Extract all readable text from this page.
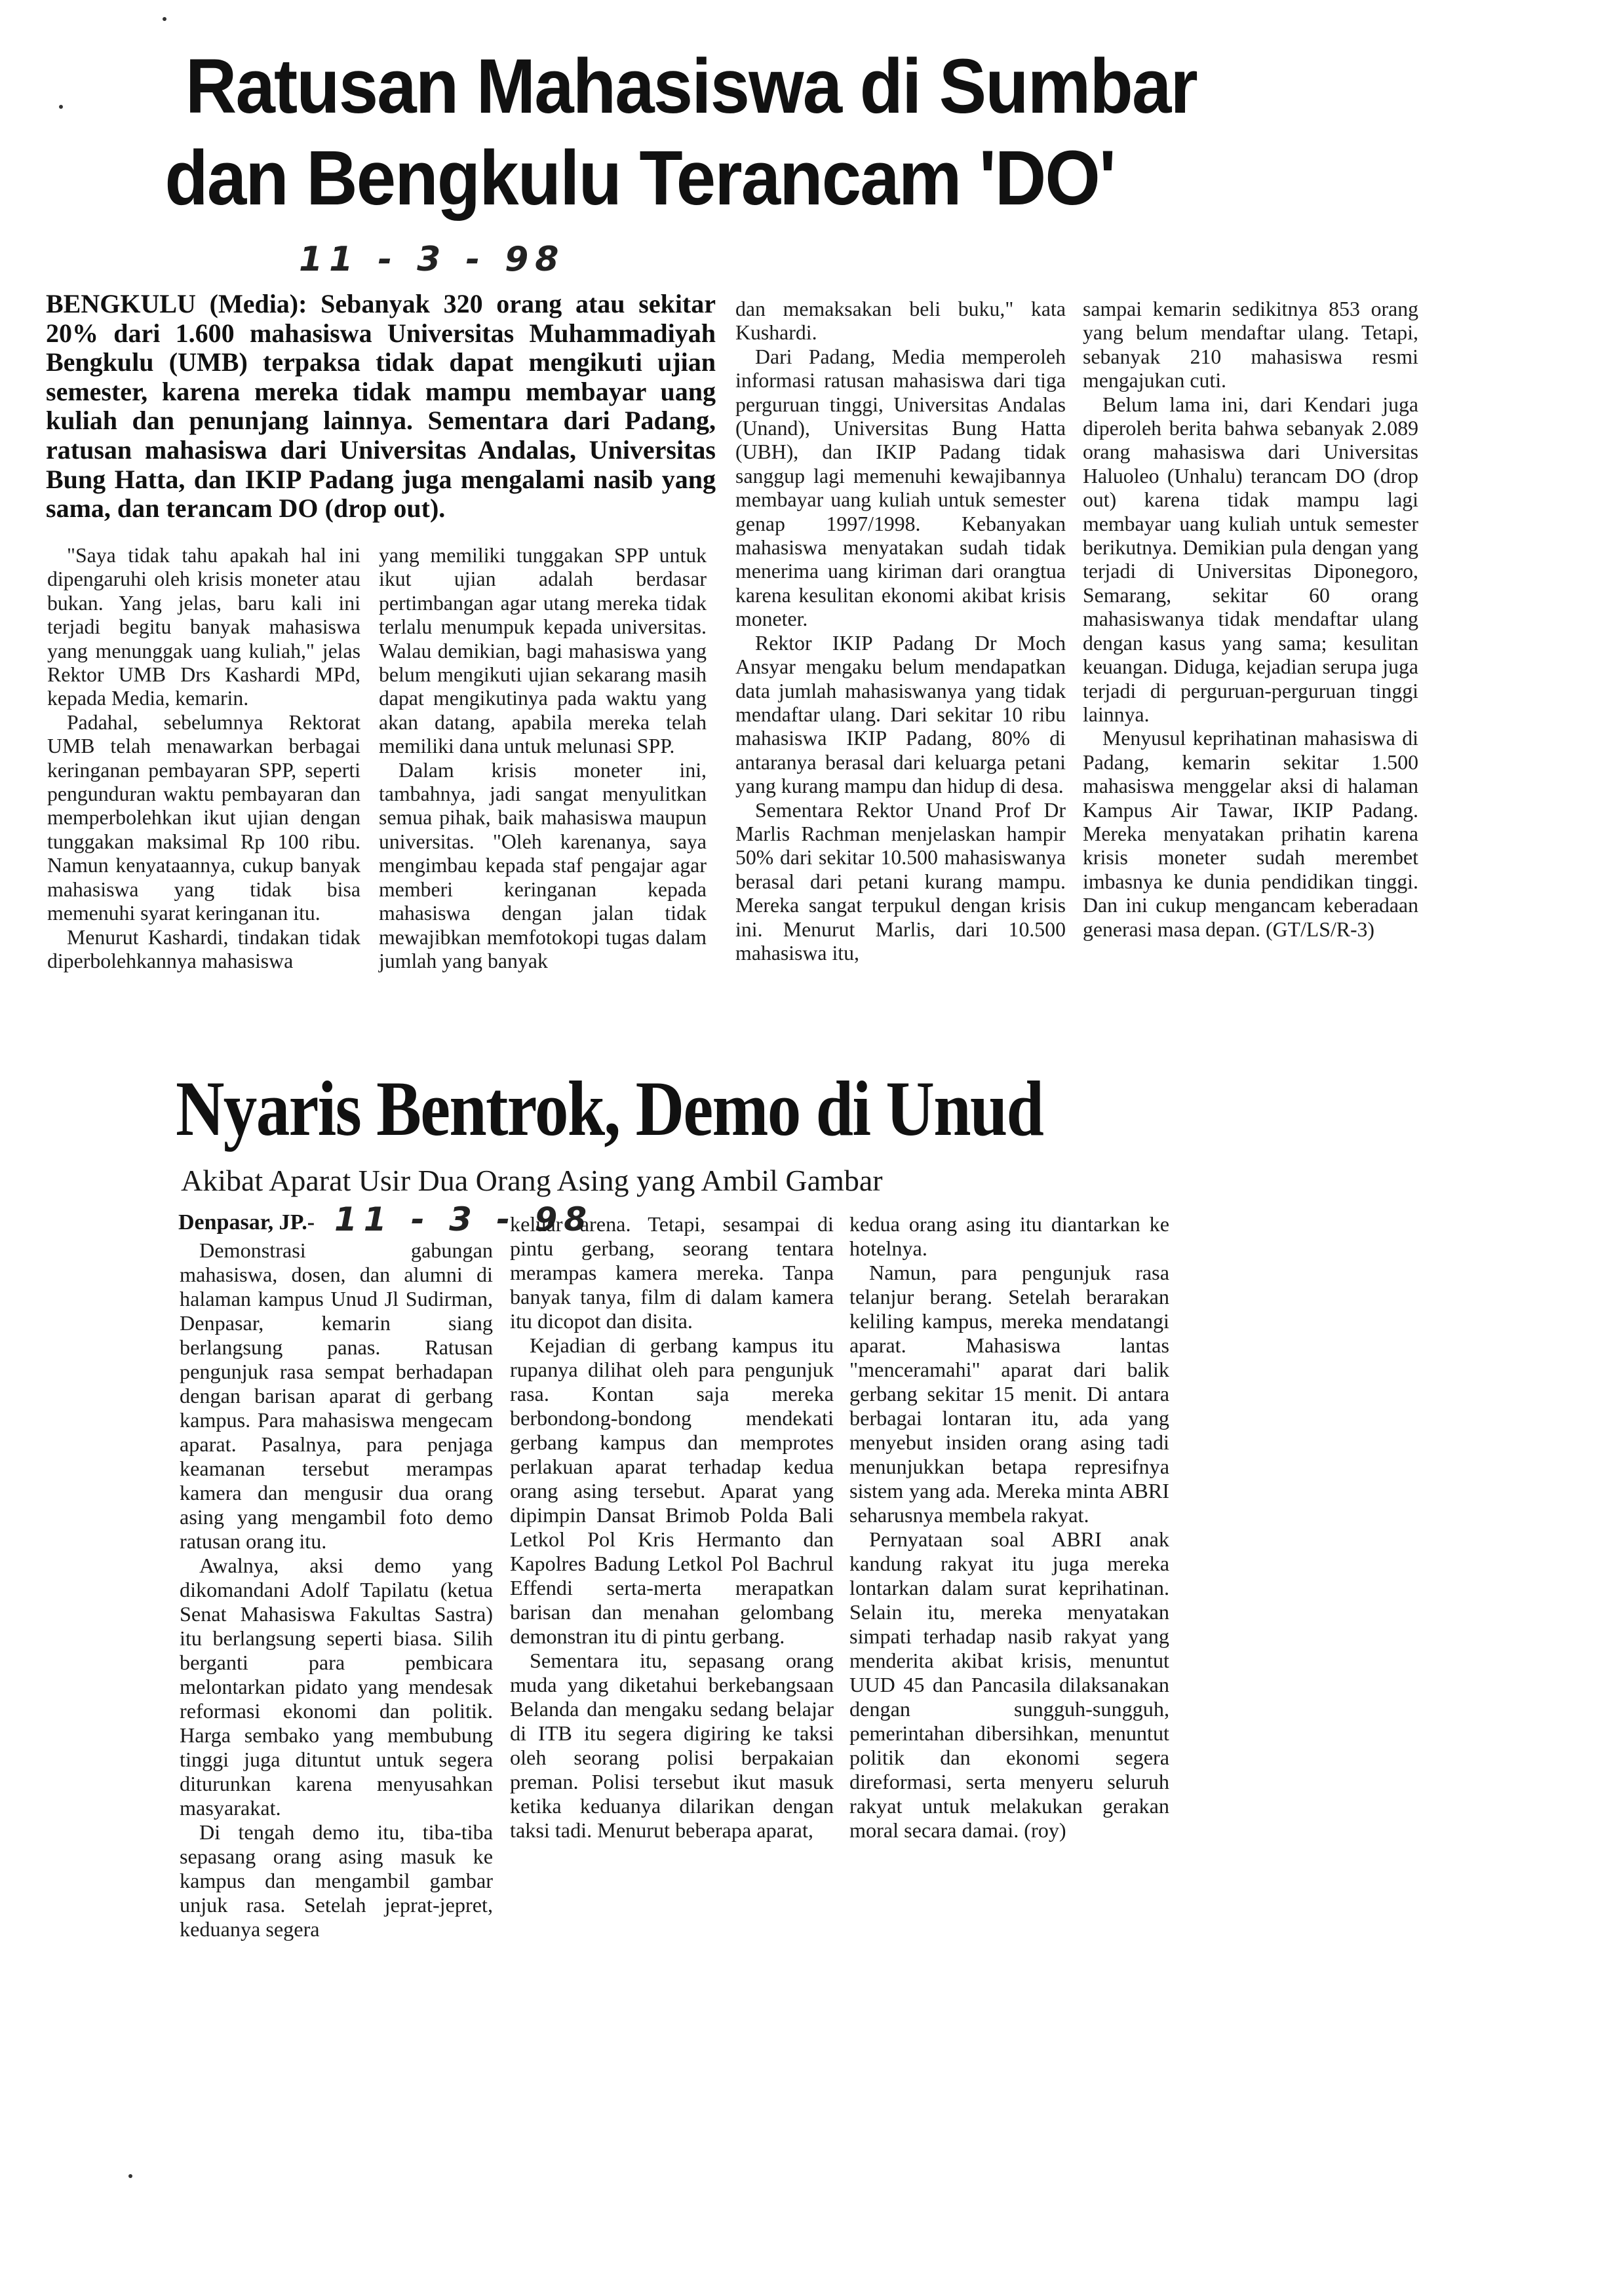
Ratusan Mahasiswa di Sumbar

dan Bengkulu Terancam 'DO'
11 - 3 - 98
BENGKULU (Media): Sebanyak 320 orang atau sekitar 20% dari 1.600 mahasiswa Universitas Muhammadiyah Bengkulu (UMB) terpaksa tidak dapat mengikuti ujian semester, karena mereka tidak mampu membayar uang kuliah dan penunjang lainnya. Sementara dari Padang, ratusan mahasiswa dari Universitas Andalas, Universitas Bung Hatta, dan IKIP Padang juga mengalami nasib yang sama, dan terancam DO (drop out).

"Saya tidak tahu apakah hal ini dipengaruhi oleh krisis moneter atau bukan. Yang jelas, baru kali ini terjadi begitu banyak mahasiswa yang menunggak uang kuliah," jelas Rektor UMB Drs Kashardi MPd, kepada Media, kemarin.

Padahal, sebelumnya Rektorat UMB telah menawarkan berbagai keringanan pembayaran SPP, seperti pengunduran waktu pembayaran dan memperbolehkan ikut ujian dengan tunggakan maksimal Rp 100 ribu. Namun kenyataannya, cukup banyak mahasiswa yang tidak bisa memenuhi syarat keringanan itu.

Menurut Kashardi, tindakan tidak diperbolehkannya mahasiswa

yang memiliki tunggakan SPP untuk ikut ujian adalah berdasar pertimbangan agar utang mereka tidak terlalu menumpuk kepada universitas. Walau demikian, bagi mahasiswa yang belum mengikuti ujian sekarang masih dapat mengikutinya pada waktu yang akan datang, apabila mereka telah memiliki dana untuk melunasi SPP.

Dalam krisis moneter ini, tambahnya, jadi sangat menyulitkan semua pihak, baik mahasiswa maupun universitas. "Oleh karenanya, saya mengimbau kepada staf pengajar agar memberi keringanan kepada mahasiswa dengan jalan tidak mewajibkan memfotokopi tugas dalam jumlah yang banyak

dan memaksakan beli buku," kata Kushardi.

Dari Padang, Media memperoleh informasi ratusan mahasiswa dari tiga perguruan tinggi, Universitas Andalas (Unand), Universitas Bung Hatta (UBH), dan IKIP Padang tidak sanggup lagi memenuhi kewajibannya membayar uang kuliah untuk semester genap 1997/1998. Kebanyakan mahasiswa menyatakan sudah tidak menerima uang kiriman dari orangtua karena kesulitan ekonomi akibat krisis moneter.

Rektor IKIP Padang Dr Moch Ansyar mengaku belum mendapatkan data jumlah mahasiswanya yang tidak mendaftar ulang. Dari sekitar 10 ribu mahasiswa IKIP Padang, 80% di antaranya berasal dari keluarga petani yang kurang mampu dan hidup di desa.

Sementara Rektor Unand Prof Dr Marlis Rachman menjelaskan hampir 50% dari sekitar 10.500 mahasiswanya berasal dari petani kurang mampu. Mereka sangat terpukul dengan krisis ini. Menurut Marlis, dari 10.500 mahasiswa itu,

sampai kemarin sedikitnya 853 orang yang belum mendaftar ulang. Tetapi, sebanyak 210 mahasiswa resmi mengajukan cuti.

Belum lama ini, dari Kendari juga diperoleh berita bahwa sebanyak 2.089 orang mahasiswa dari Universitas Haluoleo (Unhalu) terancam DO (drop out) karena tidak mampu lagi membayar uang kuliah untuk semester berikutnya. Demikian pula dengan yang terjadi di Universitas Diponegoro, Semarang, sekitar 60 orang mahasiswanya tidak mendaftar ulang dengan kasus yang sama; kesulitan keuangan. Diduga, kejadian serupa juga terjadi di perguruan-perguruan tinggi lainnya.

Menyusul keprihatinan mahasiswa di Padang, kemarin sekitar 1.500 mahasiswa menggelar aksi di halaman Kampus Air Tawar, IKIP Padang. Mereka menyatakan prihatin karena krisis moneter sudah merembet imbasnya ke dunia pendidikan tinggi. Dan ini cukup mengancam keberadaan generasi masa depan. (GT/LS/R-3)

Nyaris Bentrok, Demo di Unud
Akibat Aparat Usir Dua Orang Asing yang Ambil Gambar
Denpasar, JP.- 11 - 3 - 98

Demonstrasi gabungan mahasiswa, dosen, dan alumni di halaman kampus Unud Jl Sudirman, Denpasar, kemarin siang berlangsung panas. Ratusan pengunjuk rasa sempat berhadapan dengan barisan aparat di gerbang kampus. Para mahasiswa mengecam aparat. Pasalnya, para penjaga keamanan tersebut merampas kamera dan mengusir dua orang asing yang mengambil foto demo ratusan orang itu.

Awalnya, aksi demo yang dikomandani Adolf Tapilatu (ketua Senat Mahasiswa Fakultas Sastra) itu berlangsung seperti biasa. Silih berganti para pembicara melontarkan pidato yang mendesak reformasi ekonomi dan politik. Harga sembako yang membubung tinggi juga dituntut untuk segera diturunkan karena menyusahkan masyarakat.

Di tengah demo itu, tiba-tiba sepasang orang asing masuk ke kampus dan mengambil gambar unjuk rasa. Setelah jeprat-jepret, keduanya segera

keluar arena. Tetapi, sesampai di pintu gerbang, seorang tentara merampas kamera mereka. Tanpa banyak tanya, film di dalam kamera itu dicopot dan disita.

Kejadian di gerbang kampus itu rupanya dilihat oleh para pengunjuk rasa. Kontan saja mereka berbondong-bondong mendekati gerbang kampus dan memprotes perlakuan aparat terhadap kedua orang asing tersebut. Aparat yang dipimpin Dansat Brimob Polda Bali Letkol Pol Kris Hermanto dan Kapolres Badung Letkol Pol Bachrul Effendi serta-merta merapatkan barisan dan menahan gelombang demonstran itu di pintu gerbang.

Sementara itu, sepasang orang muda yang diketahui berkebangsaan Belanda dan mengaku sedang belajar di ITB itu segera digiring ke taksi oleh seorang polisi berpakaian preman. Polisi tersebut ikut masuk ketika keduanya dilarikan dengan taksi tadi. Menurut beberapa aparat,

kedua orang asing itu diantarkan ke hotelnya.

Namun, para pengunjuk rasa telanjur berang. Setelah berarakan keliling kampus, mereka mendatangi aparat. Mahasiswa lantas "menceramahi" aparat dari balik gerbang sekitar 15 menit. Di antara berbagai lontaran itu, ada yang menyebut insiden orang asing tadi menunjukkan betapa represifnya sistem yang ada. Mereka minta ABRI seharusnya membela rakyat.

Pernyataan soal ABRI anak kandung rakyat itu juga mereka lontarkan dalam surat keprihatinan. Selain itu, mereka menyatakan simpati terhadap nasib rakyat yang menderita akibat krisis, menuntut UUD 45 dan Pancasila dilaksanakan dengan sungguh-sungguh, pemerintahan dibersihkan, menuntut politik dan ekonomi segera direformasi, serta menyeru seluruh rakyat untuk melakukan gerakan moral secara damai. (roy)
